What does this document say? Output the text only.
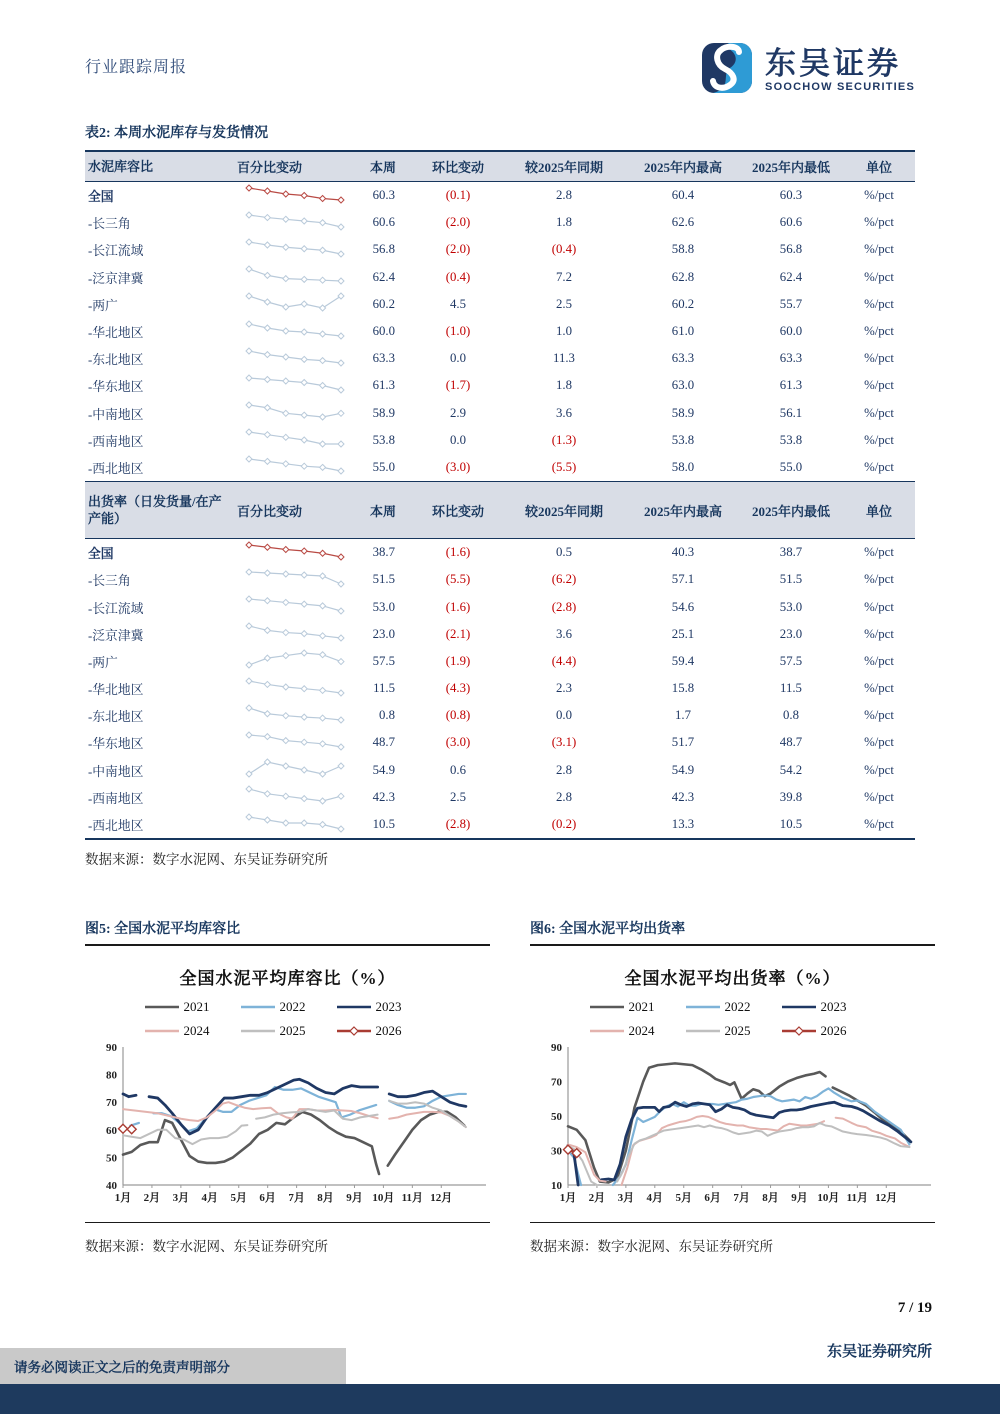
行业跟踪周报	东吴证券
SOOCHOW SECURITIES
表2: 本周水泥库存与发货情况
水泥库容比	百分比变动	本周	环比变动	较2025年同期	2025年内最高	2025年内最低	单位
全国	60.3	(0.1)	2.8	60.4	60.3	%/pct
-长三角	60.6	(2.0)	1.8	62.6	60.6	%/pct
-长江流域	56.8	(2.0)	(0.4)	58.8	56.8	%/pct
-泛京津冀	62.4	(0.4)	7.2	62.8	62.4	%/pct
-两广	60.2	4.5	2.5	60.2	55.7	%/pct
-华北地区	60.0	(1.0)	1.0	61.0	60.0	%/pct
-东北地区	63.3	0.0	11.3	63.3	63.3	%/pct
-华东地区	61.3	(1.7)	1.8	63.0	61.3	%/pct
-中南地区	58.9	2.9	3.6	58.9	56.1	%/pct
-西南地区	53.8	0.0	(1.3)	53.8	53.8	%/pct
-西北地区	55.0	(3.0)	(5.5)	58.0	55.0	%/pct
出货率（日发货量/在产产能）	百分比变动	本周	环比变动	较2025年同期	2025年内最高	2025年内最低	单位
全国	38.7	(1.6)	0.5	40.3	38.7	%/pct
-长三角	51.5	(5.5)	(6.2)	57.1	51.5	%/pct
-长江流域	53.0	(1.6)	(2.8)	54.6	53.0	%/pct
-泛京津冀	23.0	(2.1)	3.6	25.1	23.0	%/pct
-两广	57.5	(1.9)	(4.4)	59.4	57.5	%/pct
-华北地区	11.5	(4.3)	2.3	15.8	11.5	%/pct
-东北地区	0.8	(0.8)	0.0	1.7	0.8	%/pct
-华东地区	48.7	(3.0)	(3.1)	51.7	48.7	%/pct
-中南地区	54.9	0.6	2.8	54.9	54.2	%/pct
-西南地区	42.3	2.5	2.8	42.3	39.8	%/pct
-西北地区	10.5	(2.8)	(0.2)	13.3	10.5	%/pct
数据来源：数字水泥网、东吴证券研究所
图5: 全国水泥平均库容比
全国水泥平均库容比（%）
2021	2022	2023
2024	2025	2026
40
50
60
70
80
90
1月 2月 3月 4月 5月 6月 7月 8月 9月 10月 11月 12月
数据来源：数字水泥网、东吴证券研究所
图6: 全国水泥平均出货率
全国水泥平均出货率（%）
2021	2022	2023
2024	2025	2026
10
30
50
70
90
1月 2月 3月 4月 5月 6月 7月 8月 9月 10月 11月 12月
数据来源：数字水泥网、东吴证券研究所
7 / 19
东吴证券研究所
请务必阅读正文之后的免责声明部分
